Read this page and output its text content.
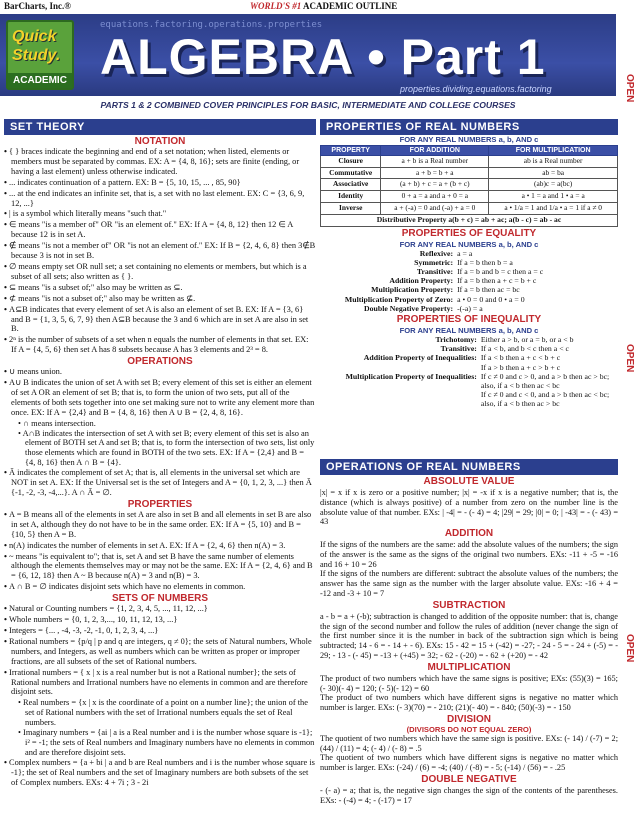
BarCharts, Inc.®	WORLD'S #1 ACADEMIC OUTLINE
equations.factoring.operations.properties
Quick
Study.
ACADEMIC ALGEBRA • Part 1
properties.dividing.equations.factoring
PARTS 1 & 2 COMBINED COVER PRINCIPLES FOR BASIC, INTERMEDIATE AND COLLEGE COURSES
OPEN
OPEN
OPEN
SET THEORY
NOTATION
• { } braces indicate the beginning and end of a set notation; when listed, elements or members must be separated by commas. EX: A = {4, 8, 16}; sets are finite (ending, or having a last element) unless otherwise indicated.
• ... indicates continuation of a pattern. EX: B = {5, 10, 15, ... , 85, 90}
• ... at the end indicates an infinite set, that is, a set with no last element. EX: C = {3, 6, 9, 12, ...}
• | is a symbol which literally means "such that."
• ∈ means "is a member of" OR "is an element of." EX: If A = {4, 8, 12} then 12 ∈ A because 12 is in set A.
• ∉ means "is not a member of" OR "is not an element of." EX: If B = {2, 4, 6, 8} then 3∉B because 3 is not in set B.
• ∅ means empty set OR null set; a set containing no elements or members, but which is a subset of all sets; also written as { }.
• ⊆ means "is a subset of;" also may be written as ⊆.
• ⊄ means "is not a subset of;" also may be written as ⊈.
• A⊆B indicates that every element of set A is also an element of set B. EX: If A = {3, 6} and B = {1, 3, 5, 6, 7, 9} then A⊆B because the 3 and 6 which are in set A are also in set B.
• 2ⁿ is the number of subsets of a set when n equals the number of elements in that set. EX: If A = {4, 5, 6} then set A has 8 subsets because A has 3 elements and 2³ = 8.
OPERATIONS
• ∪ means union.
• A∪ B indicates the union of set A with set B; every element of this set is either an element of set A OR an element of set B; that is, to form the union of two sets, put all of the elements of both sets together into one set making sure not to write any element more than once. EX: If A = {2,4} and B = {4, 8, 16} then A ∪ B = {2, 4, 8, 16}.
• ∩ means intersection.
• A∩B indicates the intersection of set A with set B; every element of this set is also an element of BOTH set A and set B; that is, to form the intersection of two sets, list only those elements which are found in BOTH of the two sets. EX: If A = {2,4} and B = {4, 8, 16} then A ∩ B = {4}.
• Ā indicates the complement of set A; that is, all elements in the universal set which are NOT in set A. EX: If the Universal set is the set of Integers and A = {0, 1, 2, 3, ...} then Ā {-1, -2, -3, -4,...}. A ∩ Ā = ∅.
PROPERTIES
• A = B means all of the elements in set A are also in set B and all elements in set B are also in set A, although they do not have to be in the same order. EX: If A = {5, 10} and B = {10, 5} then A = B.
• n(A) indicates the number of elements in set A. EX: If A = {2, 4, 6} then n(A) = 3.
• ~ means "is equivalent to"; that is, set A and set B have the same number of elements although the elements themselves may or may not be the same. EX: If A = {2, 4, 6} and B = {6, 12, 18} then A ~ B because n(A) = 3 and n(B) = 3.
• A ∩ B = ∅ indicates disjoint sets which have no elements in common.
SETS OF NUMBERS
• Natural or Counting numbers = {1, 2, 3, 4, 5, ..., 11, 12, ...}
• Whole numbers = {0, 1, 2, 3,..., 10, 11, 12, 13, ...}
• Integers = {... , -4, -3, -2, -1, 0, 1, 2, 3, 4, ...}
• Rational numbers = {p/q | p and q are integers, q ≠ 0}; the sets of Natural numbers, Whole numbers, and Integers, as well as numbers which can be written as proper or improper fractions, are all subsets of the set of Rational numbers.
• Irrational numbers = { x | x is a real number but is not a Rational number}; the sets of Rational numbers and Irrational numbers have no elements in common and are therefore disjoint sets.
• Real numbers = {x | x is the coordinate of a point on a number line}; the union of the set of Rational numbers with the set of Irrational numbers equals the set of Real numbers.
• Imaginary numbers = {ai | a is a Real number and i is the number whose square is -1}; i² = -1; the sets of Real numbers and Imaginary numbers have no elements in common and are therefore disjoint sets.
• Complex numbers = {a + bi | a and b are Real numbers and i is the number whose square is -1}; the set of Real numbers and the set of Imaginary numbers are both subsets of the set of Complex numbers. EXs: 4 + 7i ; 3 - 2i
PROPERTIES OF REAL NUMBERS
FOR ANY REAL NUMBERS a, b, AND c
PROPERTY	FOR ADDITION	FOR MULTIPLICATION
Closure	a + b is a Real number	ab is a Real number
Commutative	a + b = b + a	ab = ba
Associative	(a + b) + c = a + (b + c)	(ab)c = a(bc)
Identity	0 + a = a and a + 0 = a	a • 1 = a and 1 • a = a
Inverse	a + (-a) = 0 and (-a) + a = 0	a • 1/a = 1 and 1/a • a = 1 if a ≠ 0
Distributive Property a(b + c) = ab + ac; a(b - c) = ab - ac
PROPERTIES OF EQUALITY
FOR ANY REAL NUMBERS a, b, AND c
Reflexive: a = a
Symmetric: If a = b then b = a
Transitive: If a = b and b = c then a = c
Addition Property: If a = b then a + c = b + c
Multiplication Property: If a = b then ac = bc
Multiplication Property of Zero: a • 0 = 0 and 0 • a = 0
Double Negative Property: -(-a) = a
PROPERTIES OF INEQUALITY
FOR ANY REAL NUMBERS a, b, AND c
Trichotomy: Either a > b, or a = b, or a < b
Transitive: If a < b, and b < c then a < c
Addition Property of Inequalities: If a < b then a + c < b + c
If a > b then a + c > b + c
Multiplication Property of Inequalities: If c ≠ 0 and c > 0, and a > b then ac > bc;
also, if a < b then ac < bc
If c ≠ 0 and c < 0, and a > b then ac < bc;
also, if a < b then ac > bc
OPERATIONS OF REAL NUMBERS
ABSOLUTE VALUE
|x| = x if x is zero or a positive number; |x| = -x if x is a negative number; that is, the distance (which is always positive) of a number from zero on the number line is the absolute value of that number. EXs: | -4| = - (- 4) = 4; |29| = 29; |0| = 0; | -43| = - (- 43) = 43
ADDITION
If the signs of the numbers are the same: add the absolute values of the numbers; the sign of the answer is the same as the signs of the original two numbers. EXs: -11 + -5 = -16 and 16 + 10 = 26
If the signs of the numbers are different: subtract the absolute values of the numbers; the answer has the same sign as the number with the larger absolute value. EXs: -16 + 4 = -12 and -3 + 10 = 7
SUBTRACTION
a - b = a + (-b); subtraction is changed to addition of the opposite number: that is, change the sign of the second number and follow the rules of addition (never change the sign of the first number since it is the number in back of the subtraction sign which is being subtracted; 14 - 6 = - 14 + - 6). EXs: 15 - 42 = 15 + (-42) = -27; - 24 - 5 = - 24 + (-5) = - 29; - 13 - (- 45) = -13 + (+45) = 32; - 62 - (-20) = - 62 + (+20) = - 42
MULTIPLICATION
The product of two numbers which have the same signs is positive; EXs: (55)(3) = 165; (- 30)(- 4) = 120; (- 5)(- 12) = 60
The product of two numbers which have different signs is negative no matter which number is larger. EXs: (- 3)(70) = - 210; (21)(- 40) = - 840; (50)(-3) = - 150
DIVISION
(DIVISORS DO NOT EQUAL ZERO)
The quotient of two numbers which have the same sign is positive. EXs: (- 14) / (-7) = 2; (44) / (11) = 4; (- 4) / (- 8) = .5
The quotient of two numbers which have different signs is negative no matter which number is larger. EXs: (-24) / (6) = -4; (40) / (-8) = - 5; (-14) / (56) = - .25
DOUBLE NEGATIVE
- (- a) = a; that is, the negative sign changes the sign of the contents of the parentheses. EXs: - (-4) = 4; - (-17) = 17
